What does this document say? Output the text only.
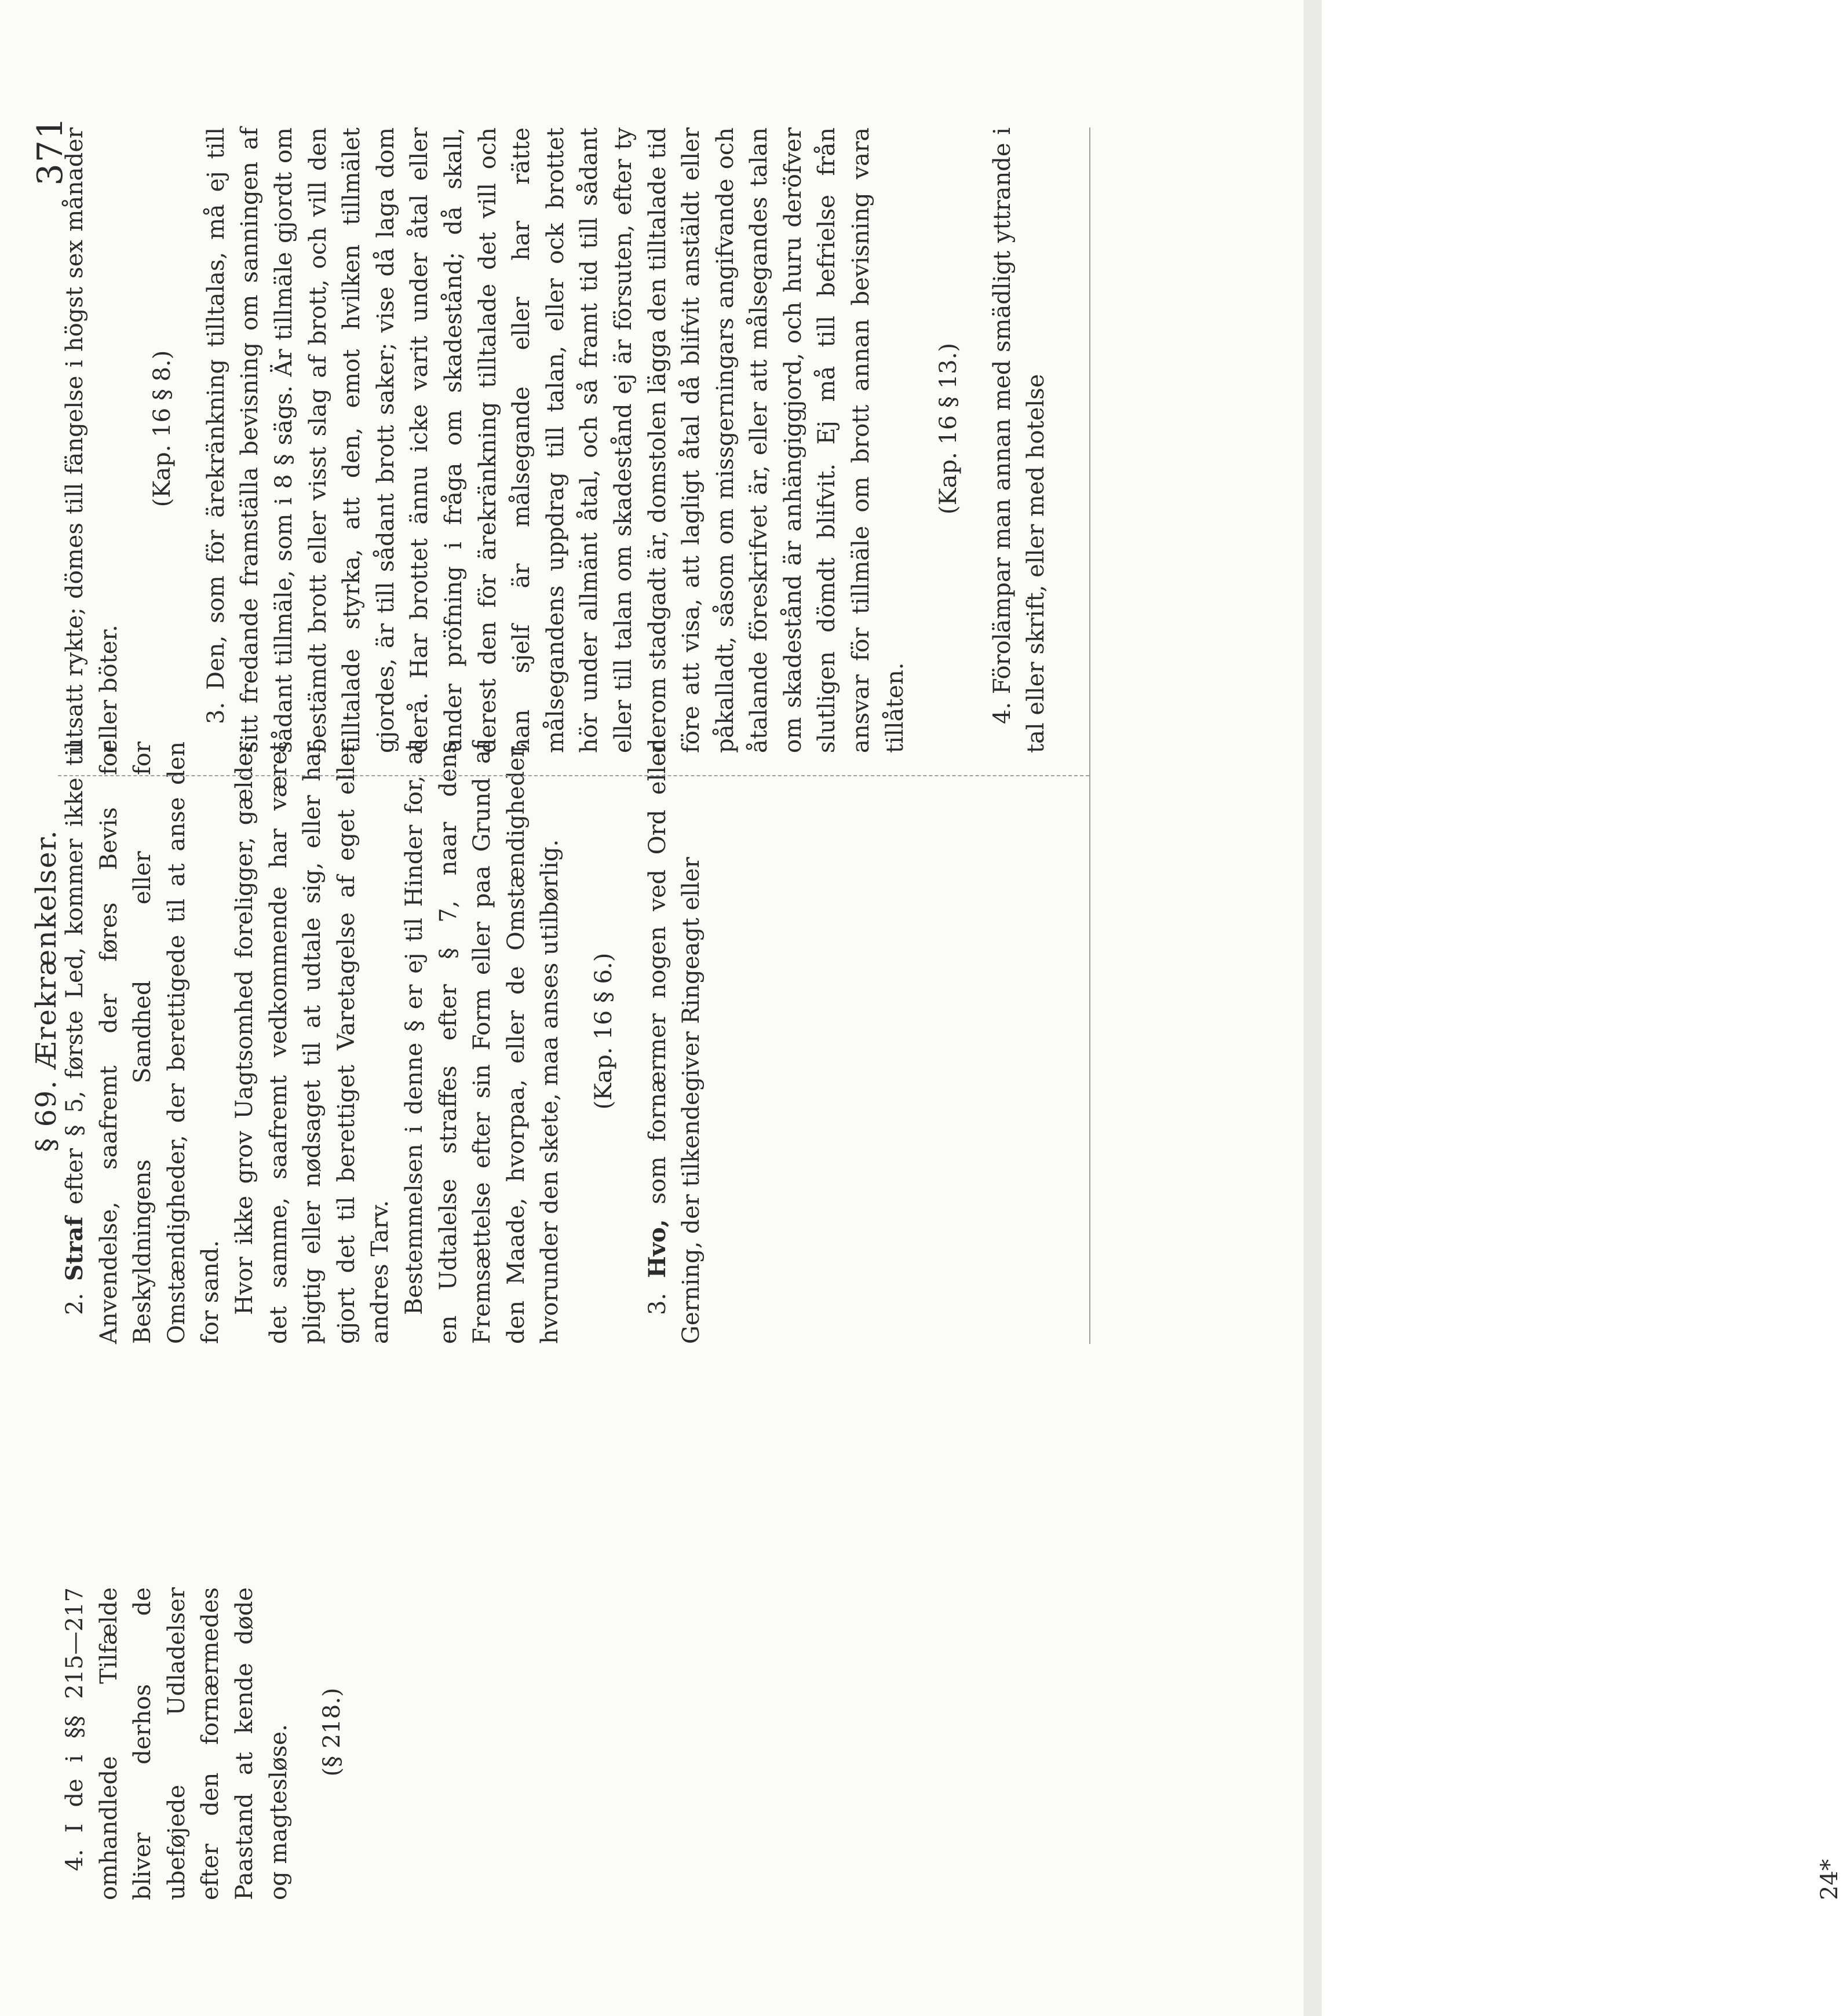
§ 69. Ærekrænkelser.
371

4. I de i §§ 215—217 omhandlede Tilfælde bliver derhos de ubeføjede Udladelser efter den fornærmedes Paastand at kende døde og magtesløse. (§ 218.)

2. Straf efter § 5, første Led, kommer ikke til Anvendelse, saafremt der føres Bevis for Beskyldningens Sandhed eller for Omstændigheder, der berettigede til at anse den for sand. Hvor ikke grov Uagtsomhed foreligger, gælder det samme, saafremt vedkommende har været pligtig eller nødsaget til at udtale sig, eller har gjort det til berettiget Varetagelse af eget eller andres Tarv. Bestemmelsen i denne § er ej til Hinder for, at en Udtalelse straffes efter § 7, naar dens Fremsættelse efter sin Form eller paa Grund af den Maade, hvorpaa, eller de Omstændigheder, hvorunder den skete, maa anses utilbørlig. (Kap. 16 § 6.)

3. Hvo, som fornærmer nogen ved Ord eller Gerning, der tilkendegiver Ringeagt eller

utsatt rykte; dömes till fängelse i högst sex månader eller böter.

(Kap. 16 § 8.) 3. Den, som för ärekränkning tilltalas, må ej till sitt fredande framställa bevisning om sanningen af sådant tillmäle, som i 8 § sägs. Är tillmäle gjordt om bestämdt brott eller visst slag af brott, och vill den tilltalade styrka, att den, emot hvilken tillmälet gjordes, är till sådant brott saker; vise då laga dom derå. Har brottet ännu icke varit under åtal eller under pröfning i fråga om skadestånd; då skall, derest den för ärekränkning tilltalade det vill och han sjelf är målsegande eller har rätte målsegandens uppdrag till talan, eller ock brottet hör under allmänt åtal, och så framt tid till sådant eller till talan om skadestånd ej är försuten, efter ty derom stadgadt är, domstolen lägga den tilltalade tid före att visa, att lagligt åtal då blifvit anstäldt eller påkalladt, såsom om missgerningars angifvande och åtalande föreskrifvet är, eller att målsegandes talan om skadestånd är anhängiggjord, och huru deröfver slutligen dömdt blifvit. Ej må till befrielse från ansvar för tillmäle om brott annan bevisning vara tillåten.

(Kap. 16 § 13.) 4. Förolämpar man annan med smädligt yttrande i tal eller skrift, eller med hotelse

24*
